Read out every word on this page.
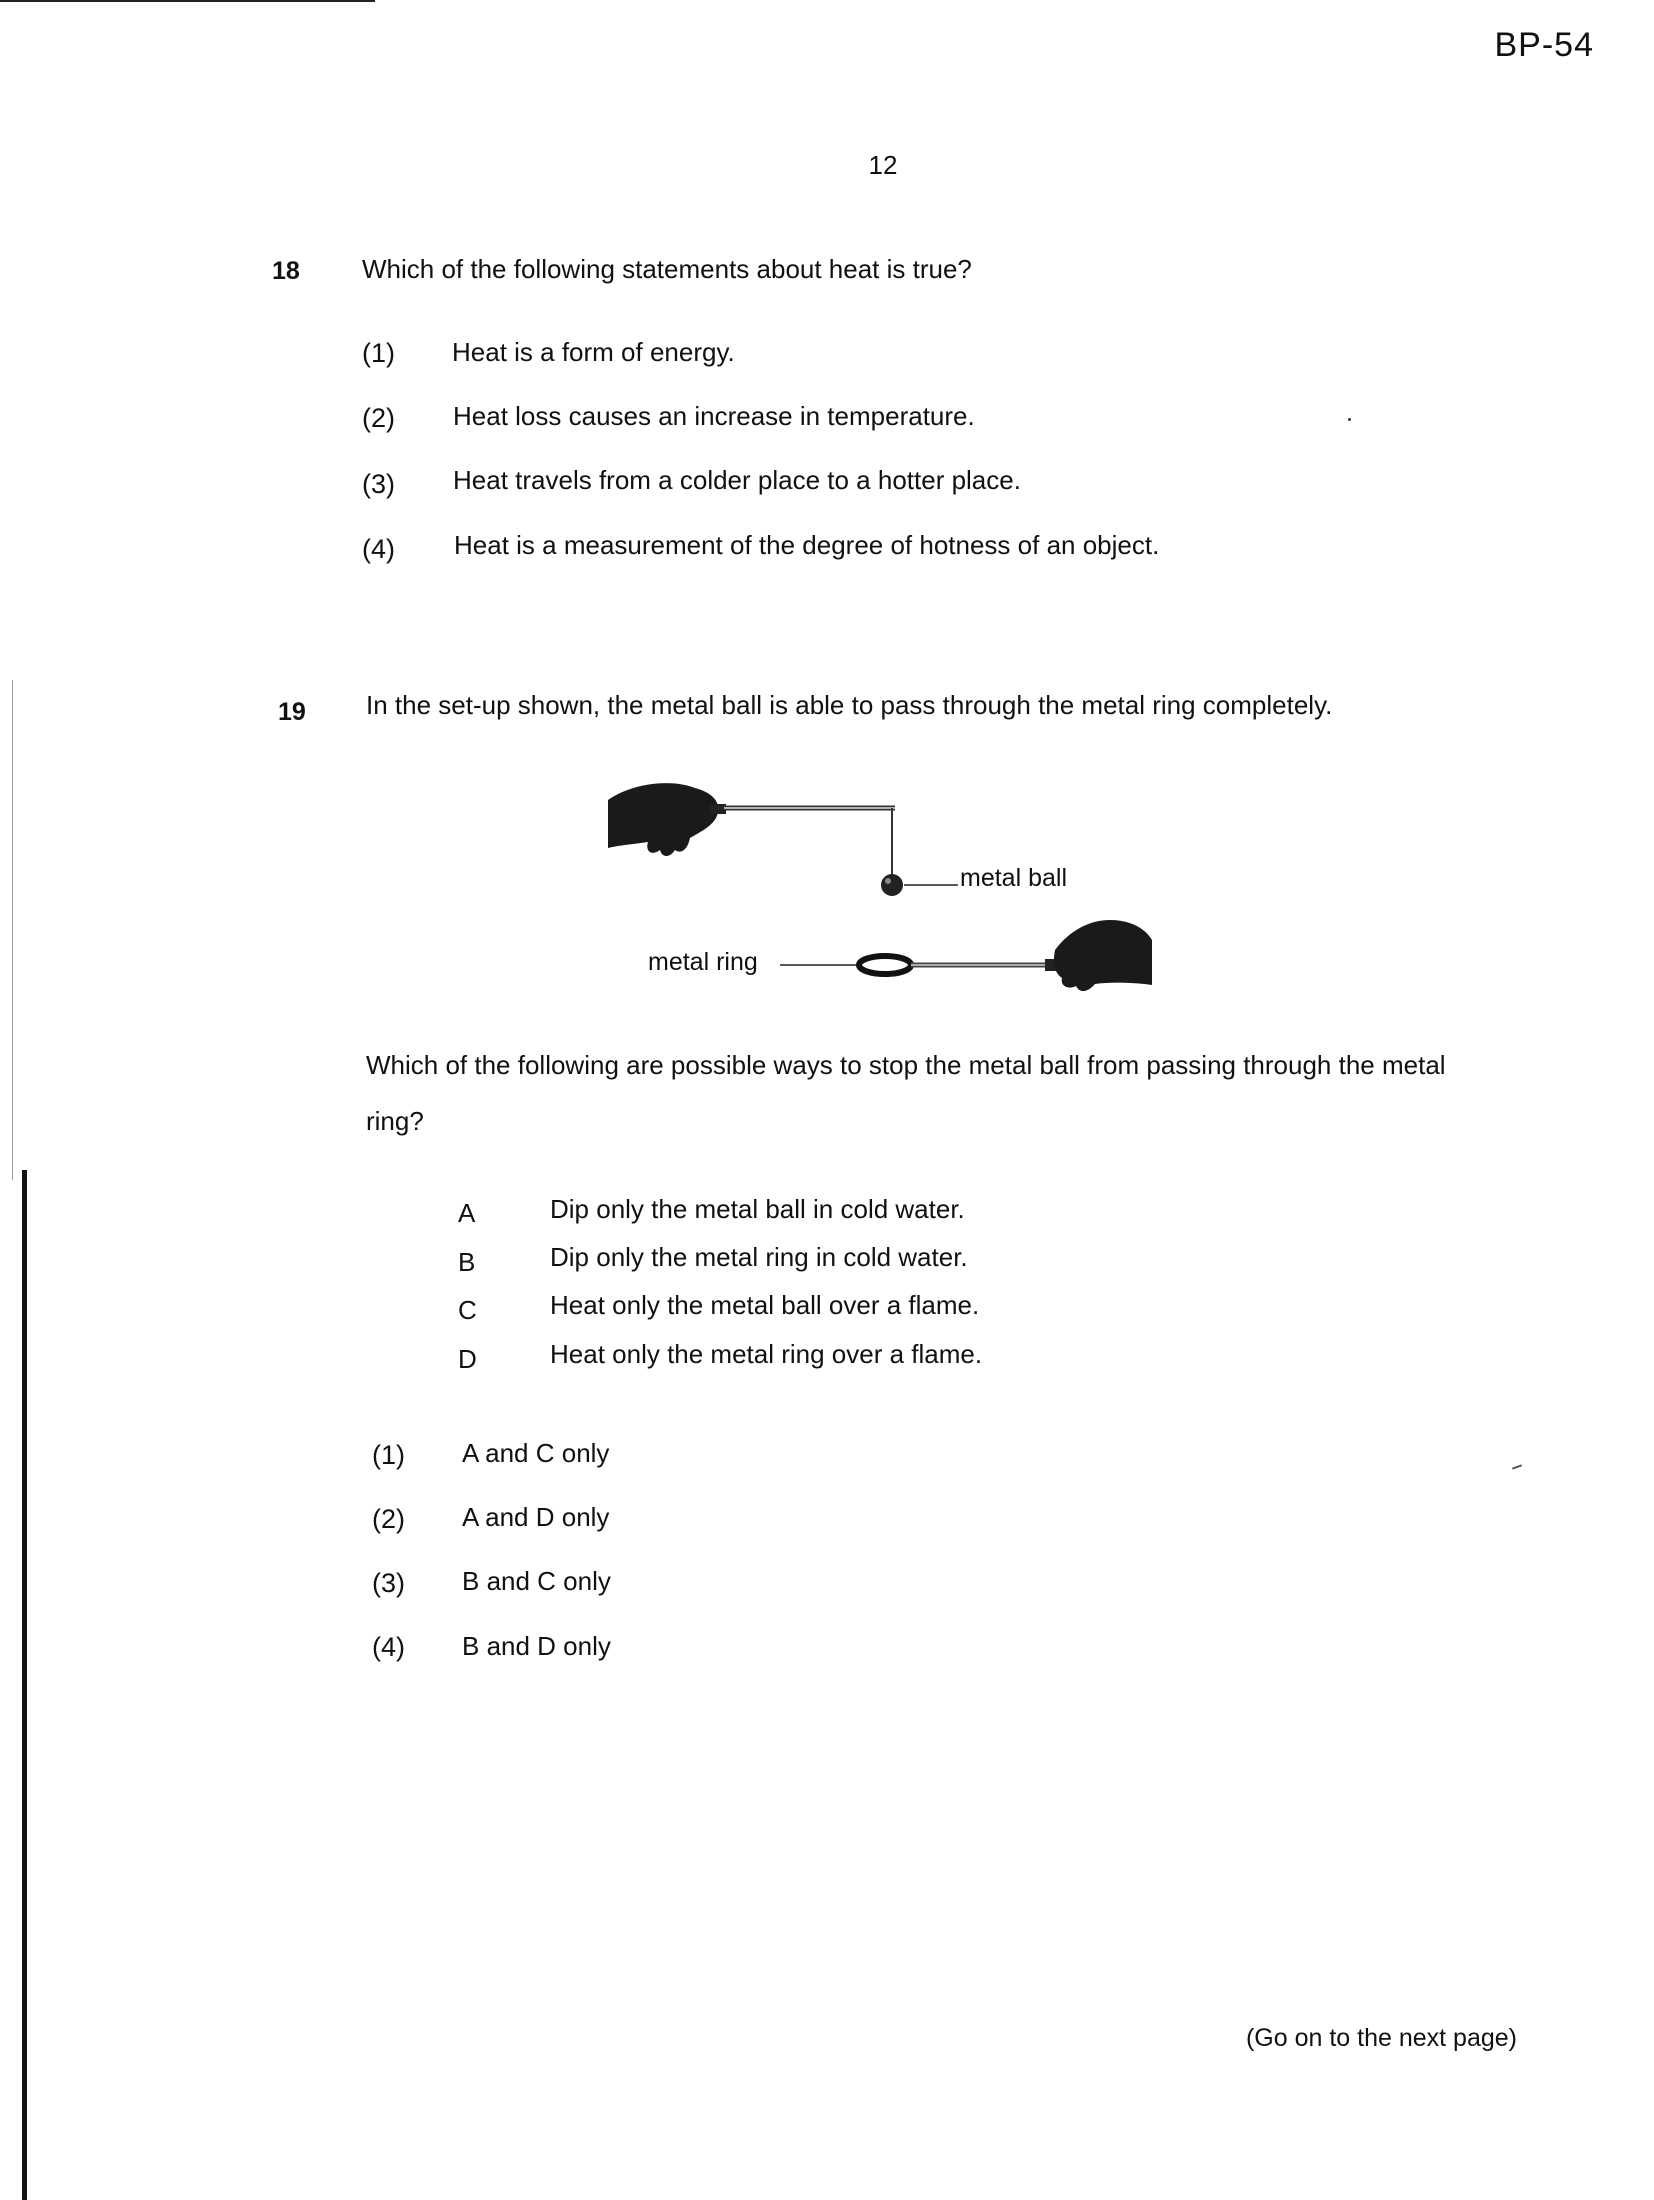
BP-54
12
18 Which of the following statements about heat is true?
(1) Heat is a form of energy.
(2) Heat loss causes an increase in temperature.
(3) Heat travels from a colder place to a hotter place.
(4) Heat is a measurement of the degree of hotness of an object.
19 In the set-up shown, the metal ball is able to pass through the metal ring completely.
metal ball
metal ring
Which of the following are possible ways to stop the metal ball from passing through the metal
ring?
A	Dip only the metal ball in cold water.
B	Dip only the metal ring in cold water.
C	Heat only the metal ball over a flame.
D	Heat only the metal ring over a flame.
(1) A and C only
(2) A and D only
(3) B and C only
(4) B and D only
(Go on to the next page)
